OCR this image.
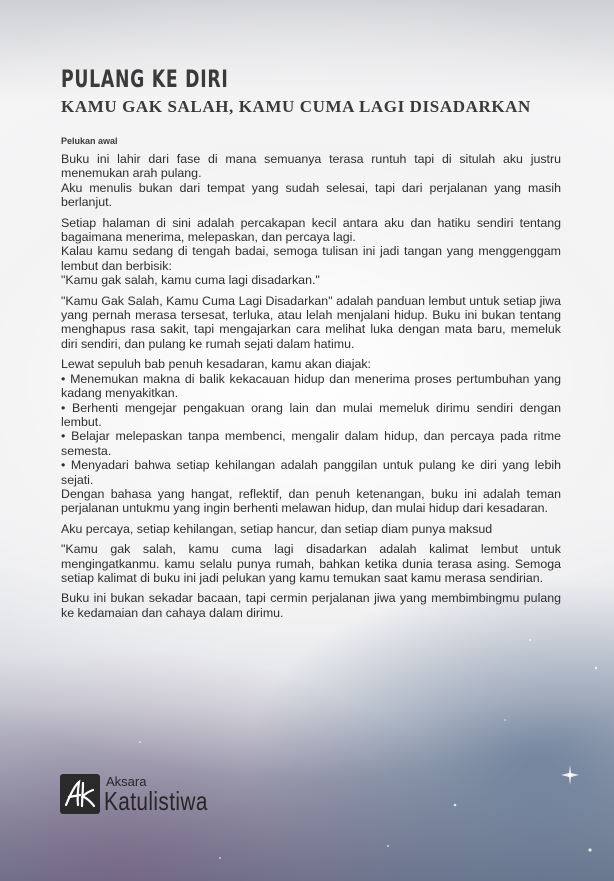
PULANG KE DIRI
KAMU GAK SALAH, KAMU CUMA LAGI DISADARKAN
Pelukan awal

Buku ini lahir dari fase di mana semuanya terasa runtuh tapi di situlah aku justru menemukan arah pulang.
Aku menulis bukan dari tempat yang sudah selesai, tapi dari perjalanan yang masih berlanjut.

Setiap halaman di sini adalah percakapan kecil antara aku dan hatiku sendiri tentang bagaimana menerima, melepaskan, dan percaya lagi.
Kalau kamu sedang di tengah badai, semoga tulisan ini jadi tangan yang menggenggam lembut dan berbisik:
"Kamu gak salah, kamu cuma lagi disadarkan."

"Kamu Gak Salah, Kamu Cuma Lagi Disadarkan" adalah panduan lembut untuk setiap jiwa yang pernah merasa tersesat, terluka, atau lelah menjalani hidup. Buku ini bukan tentang menghapus rasa sakit, tapi mengajarkan cara melihat luka dengan mata baru, memeluk diri sendiri, dan pulang ke rumah sejati dalam hatimu.

Lewat sepuluh bab penuh kesadaran, kamu akan diajak:
• Menemukan makna di balik kekacauan hidup dan menerima proses pertumbuhan yang kadang menyakitkan.
• Berhenti mengejar pengakuan orang lain dan mulai memeluk dirimu sendiri dengan lembut.
• Belajar melepaskan tanpa membenci, mengalir dalam hidup, dan percaya pada ritme semesta.
• Menyadari bahwa setiap kehilangan adalah panggilan untuk pulang ke diri yang lebih sejati.
Dengan bahasa yang hangat, reflektif, dan penuh ketenangan, buku ini adalah teman perjalanan untukmu yang ingin berhenti melawan hidup, dan mulai hidup dari kesadaran.

Aku percaya, setiap kehilangan, setiap hancur, dan setiap diam punya maksud

"Kamu gak salah, kamu cuma lagi disadarkan adalah kalimat lembut untuk mengingatkanmu. kamu selalu punya rumah, bahkan ketika dunia terasa asing. Semoga setiap kalimat di buku ini jadi pelukan yang kamu temukan saat kamu merasa sendirian.

Buku ini bukan sekadar bacaan, tapi cermin perjalanan jiwa yang membimbingmu pulang ke kedamaian dan cahaya dalam dirimu.

Aksara
Katulistiwa
